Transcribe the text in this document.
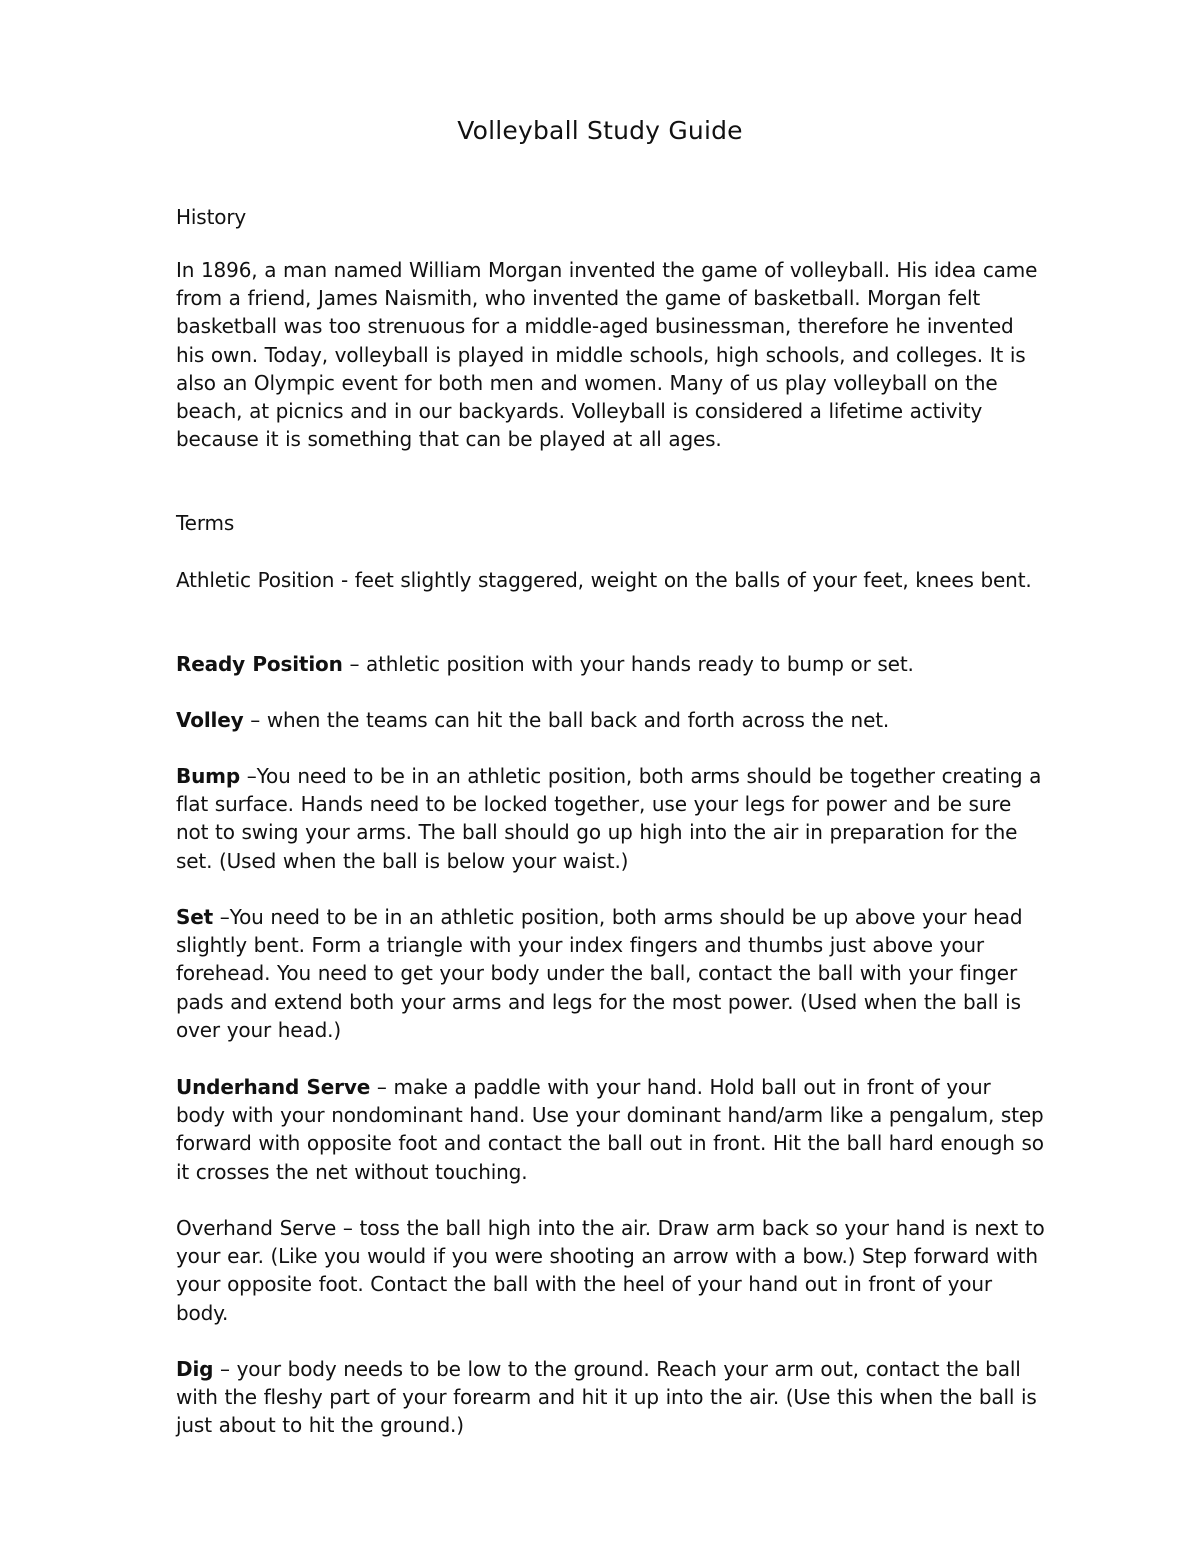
Volleyball Study Guide
History

In 1896, a man named William Morgan invented the game of volleyball. His idea came from a friend, James Naismith, who invented the game of basketball. Morgan felt basketball was too strenuous for a middle-aged businessman, therefore he invented his own. Today, volleyball is played in middle schools, high schools, and colleges. It is also an Olympic event for both men and women. Many of us play volleyball on the beach, at picnics and in our backyards. Volleyball is considered a lifetime activity because it is something that can be played at all ages.

Terms

Athletic Position - feet slightly staggered, weight on the balls of your feet, knees bent.

Ready Position – athletic position with your hands ready to bump or set.

Volley – when the teams can hit the ball back and forth across the net.

Bump –You need to be in an athletic position, both arms should be together creating a flat surface. Hands need to be locked together, use your legs for power and be sure not to swing your arms. The ball should go up high into the air in preparation for the set. (Used when the ball is below your waist.)

Set –You need to be in an athletic position, both arms should be up above your head slightly bent. Form a triangle with your index fingers and thumbs just above your forehead. You need to get your body under the ball, contact the ball with your finger pads and extend both your arms and legs for the most power. (Used when the ball is over your head.)

Underhand Serve – make a paddle with your hand. Hold ball out in front of your body with your nondominant hand. Use your dominant hand/arm like a pengalum, step forward with opposite foot and contact the ball out in front. Hit the ball hard enough so it crosses the net without touching.

Overhand Serve – toss the ball high into the air. Draw arm back so your hand is next to your ear. (Like you would if you were shooting an arrow with a bow.) Step forward with your opposite foot. Contact the ball with the heel of your hand out in front of your body.

Dig – your body needs to be low to the ground. Reach your arm out, contact the ball with the fleshy part of your forearm and hit it up into the air. (Use this when the ball is just about to hit the ground.)
